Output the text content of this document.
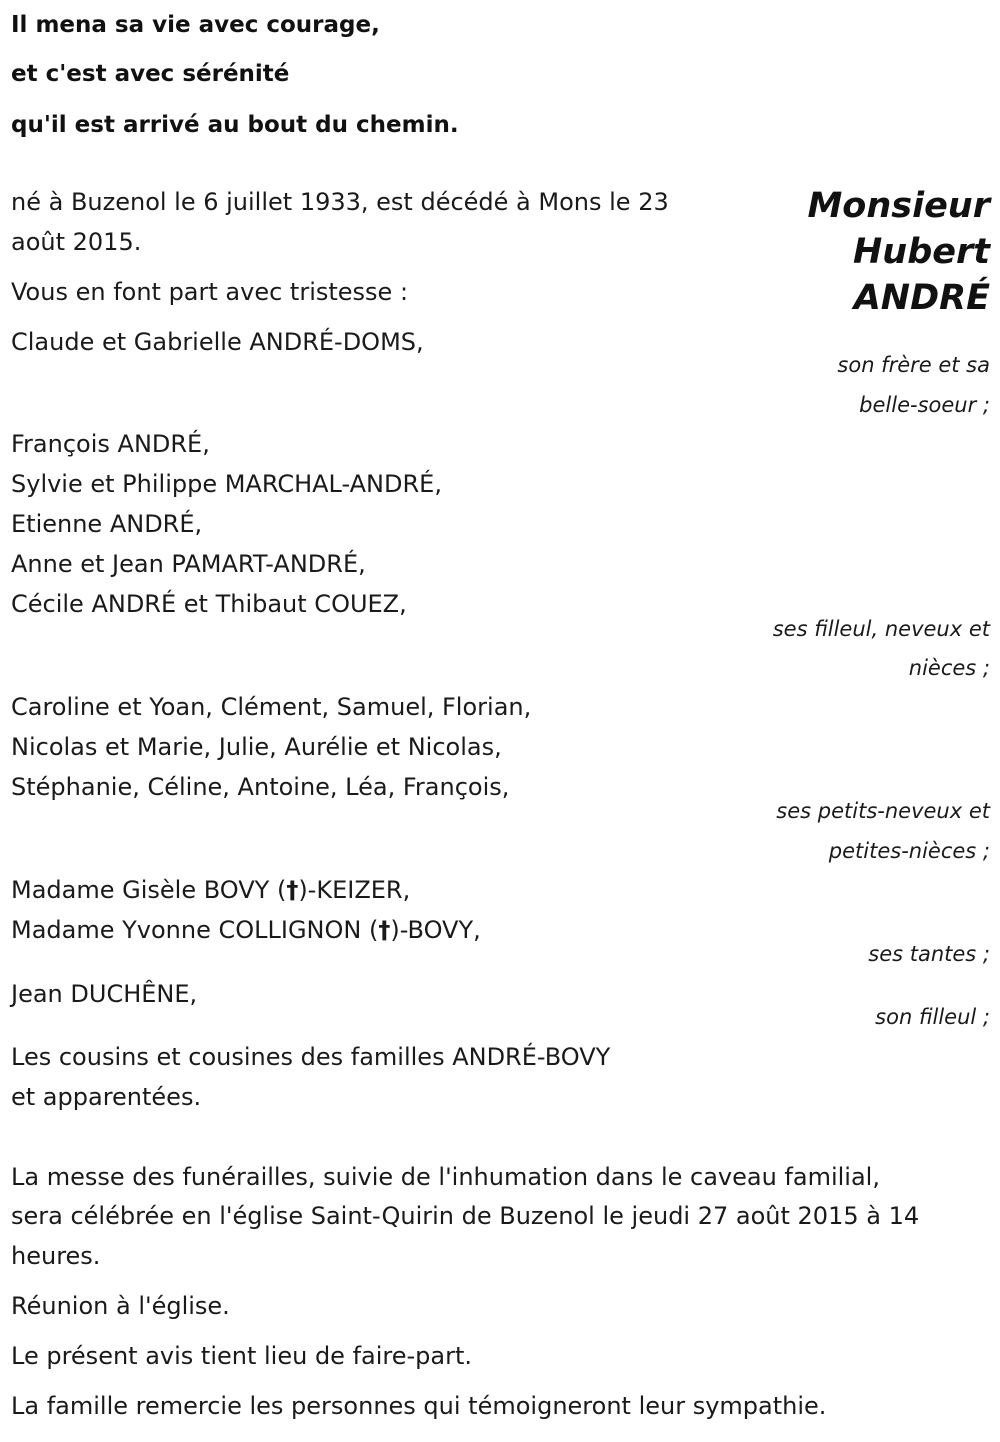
Il mena sa vie avec courage,
et c'est avec sérénité
qu'il est arrivé au bout du chemin.
Monsieur
Hubert
ANDRÉ
né à Buzenol le 6 juillet 1933, est décédé à Mons le 23
août 2015.
Vous en font part avec tristesse :
Claude et Gabrielle ANDRÉ-DOMS,
son frère et sa
belle-soeur ;
François ANDRÉ,
Sylvie et Philippe MARCHAL-ANDRÉ,
Etienne ANDRÉ,
Anne et Jean PAMART-ANDRÉ,
Cécile ANDRÉ et Thibaut COUEZ,
ses filleul, neveux et
nièces ;
Caroline et Yoan, Clément, Samuel, Florian,
Nicolas et Marie, Julie, Aurélie et Nicolas,
Stéphanie, Céline, Antoine, Léa, François,
ses petits-neveux et
petites-nièces ;
Madame Gisèle BOVY (†)-KEIZER,
Madame Yvonne COLLIGNON (†)-BOVY,
ses tantes ;
Jean DUCHÊNE,
son filleul ;
Les cousins et cousines des familles ANDRÉ-BOVY
et apparentées.
La messe des funérailles, suivie de l'inhumation dans le caveau familial,
sera célébrée en l'église Saint-Quirin de Buzenol le jeudi 27 août 2015 à 14
heures.
Réunion à l'église.
Le présent avis tient lieu de faire-part.
La famille remercie les personnes qui témoigneront leur sympathie.
